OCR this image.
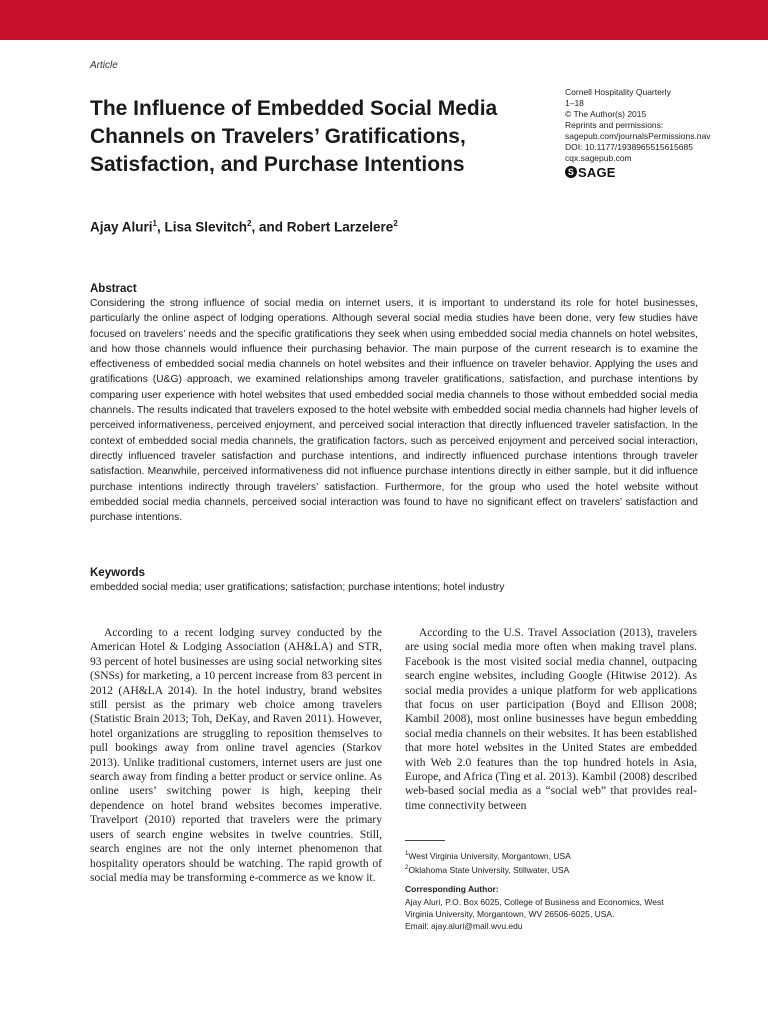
Article
The Influence of Embedded Social Media Channels on Travelers’ Gratifications, Satisfaction, and Purchase Intentions
Cornell Hospitality Quarterly
1–18
© The Author(s) 2015
Reprints and permissions:
sagepub.com/journalsPermissions.nav
DOI: 10.1177/1938965515615685
cqx.sagepub.com
S SAGE
Ajay Aluri$^1$, Lisa Slevitch$^2$, and Robert Larzelere$^2$
Abstract

Considering the strong influence of social media on internet users, it is important to understand its role for hotel businesses, particularly the online aspect of lodging operations. Although several social media studies have been done, very few studies have focused on travelers’ needs and the specific gratifications they seek when using embedded social media channels on hotel websites, and how those channels would influence their purchasing behavior. The main purpose of the current research is to examine the effectiveness of embedded social media channels on hotel websites and their influence on traveler behavior. Applying the uses and gratifications (U&G) approach, we examined relationships among traveler gratifications, satisfaction, and purchase intentions by comparing user experience with hotel websites that used embedded social media channels to those without embedded social media channels. The results indicated that travelers exposed to the hotel website with embedded social media channels had higher levels of perceived informativeness, perceived enjoyment, and perceived social interaction that directly influenced traveler satisfaction. In the context of embedded social media channels, the gratification factors, such as perceived enjoyment and perceived social interaction, directly influenced traveler satisfaction and purchase intentions, and indirectly influenced purchase intentions through traveler satisfaction. Meanwhile, perceived informativeness did not influence purchase intentions directly in either sample, but it did influence purchase intentions indirectly through travelers’ satisfaction. Furthermore, for the group who used the hotel website without embedded social media channels, perceived social interaction was found to have no significant effect on travelers’ satisfaction and purchase intentions.

Keywords
embedded social media; user gratifications; satisfaction; purchase intentions; hotel industry

According to a recent lodging survey conducted by the American Hotel & Lodging Association (AH&LA) and STR, 93 percent of hotel businesses are using social networking sites (SNSs) for marketing, a 10 percent increase from 83 percent in 2012 (AH&LA 2014). In the hotel industry, brand websites still persist as the primary web choice among travelers (Statistic Brain 2013; Toh, DeKay, and Raven 2011). However, hotel organizations are struggling to reposition themselves to pull bookings away from online travel agencies (Starkov 2013). Unlike traditional customers, internet users are just one search away from finding a better product or service online. As online users’ switching power is high, keeping their dependence on hotel brand websites becomes imperative. Travelport (2010) reported that travelers were the primary users of search engine websites in twelve countries. Still, search engines are not the only internet phenomenon that hospitality operators should be watching. The rapid growth of social media may be transforming e-commerce as we know it.

According to the U.S. Travel Association (2013), travelers are using social media more often when making travel plans. Facebook is the most visited social media channel, outpacing search engine websites, including Google (Hitwise 2012). As social media provides a unique platform for web applications that focus on user participation (Boyd and Ellison 2008; Kambil 2008), most online businesses have begun embedding social media channels on their websites. It has been established that more hotel websites in the United States are embedded with Web 2.0 features than the top hundred hotels in Asia, Europe, and Africa (Ting et al. 2013). Kambil (2008) described web-based social media as a “social web” that provides real-time connectivity between

$^1$West Virginia University, Morgantown, USA
$^2$Oklahoma State University, Stillwater, USA
Corresponding Author:
Ajay Aluri, P.O. Box 6025, College of Business and Economics, West
Virginia University, Morgantown, WV 26506-6025, USA.
Email: ajay.aluri@mail.wvu.edu
